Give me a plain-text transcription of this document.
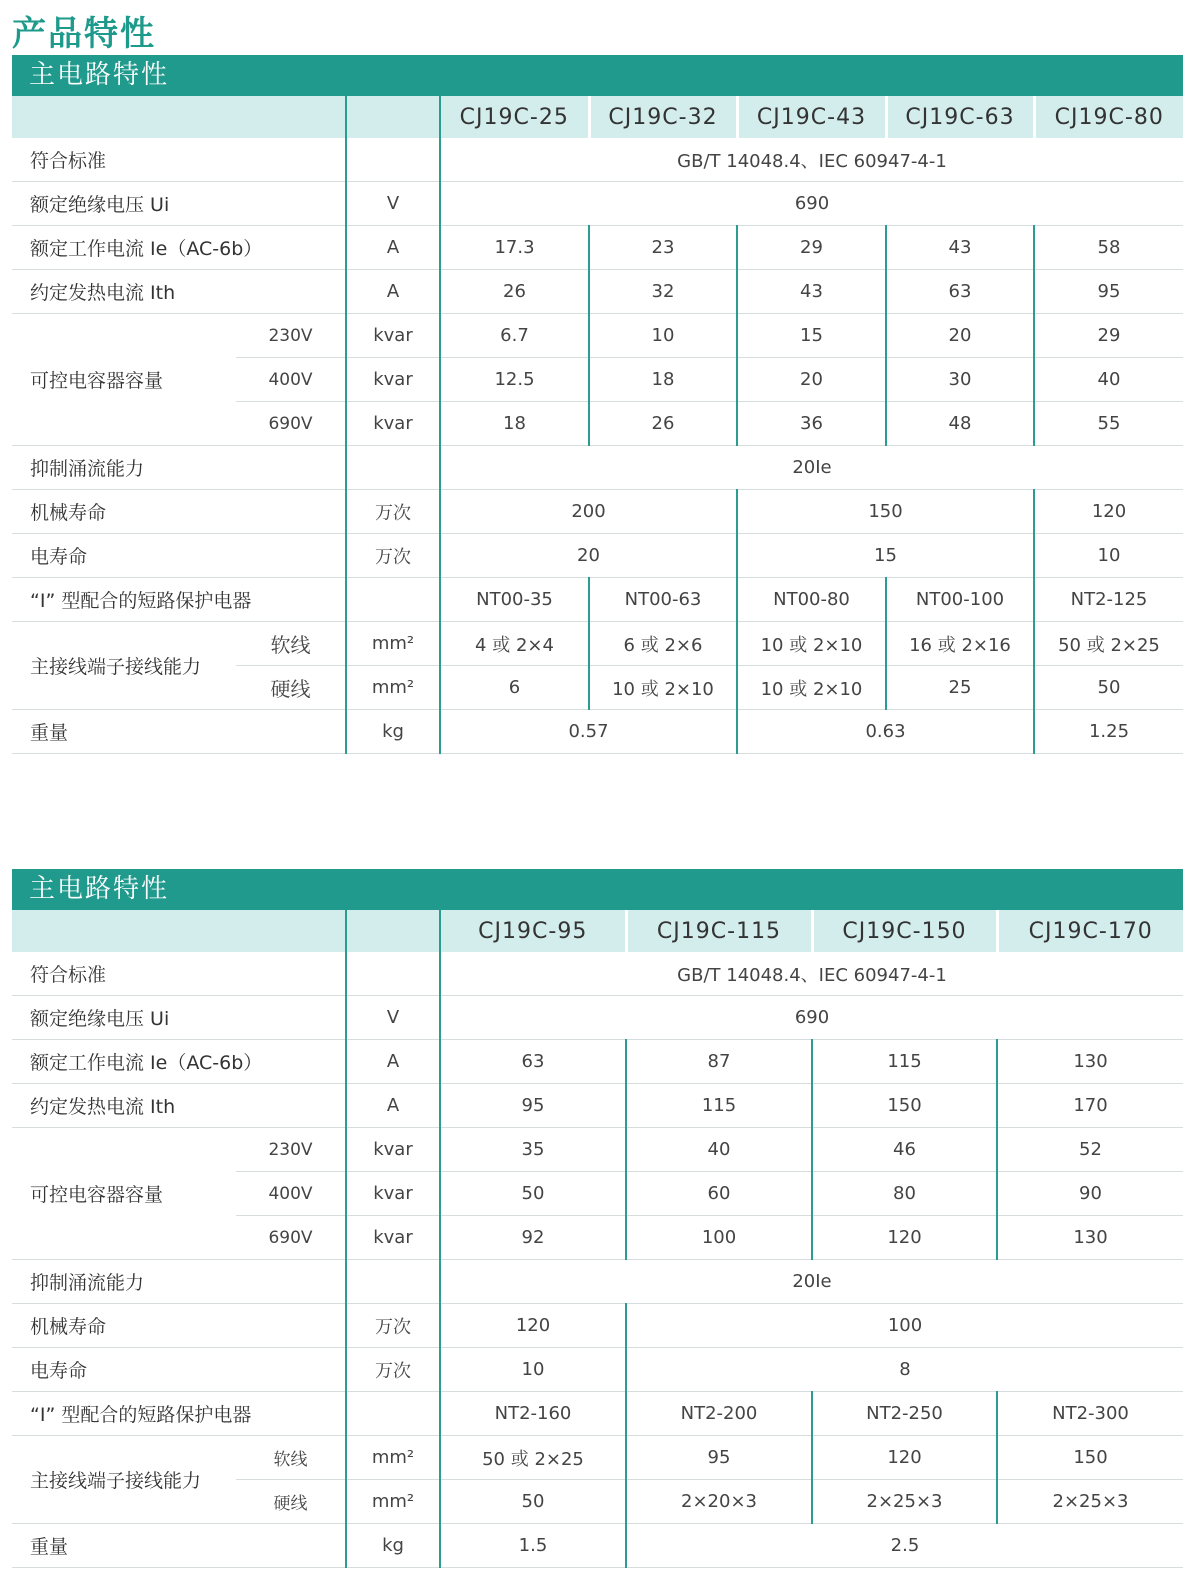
产品特性
主电路特性
			CJ19C-25	CJ19C-32	CJ19C-43	CJ19C-63	CJ19C-80
符合标准			GB/T 14048.4、IEC 60947-4-1				
额定绝缘电压 Ui		V	690				
额定工作电流 Ie（AC-6b）		A	17.3	23	29	43	58
约定发热电流 Ith		A	26	32	43	63	95
可控电容器容量	230V	kvar	6.7	10	15	20	29
	400V	kvar	12.5	18	20	30	40
	690V	kvar	18	26	36	48	55
抑制涌流能力			20Ie				
机械寿命		万次	200		150		120
电寿命		万次	20		15		10
“I” 型配合的短路保护电器			NT00-35	NT00-63	NT00-80	NT00-100	NT2-125
主接线端子接线能力	软线	mm²	4 或 2×4	6 或 2×6	10 或 2×10	16 或 2×16	50 或 2×25
	硬线	mm²	6	10 或 2×10	10 或 2×10	25	50
重量		kg	0.57		0.63		1.25
主电路特性
			CJ19C-95	CJ19C-115	CJ19C-150	CJ19C-170
符合标准			GB/T 14048.4、IEC 60947-4-1			
额定绝缘电压 Ui		V	690			
额定工作电流 Ie（AC-6b）		A	63	87	115	130
约定发热电流 Ith		A	95	115	150	170
可控电容器容量	230V	kvar	35	40	46	52
	400V	kvar	50	60	80	90
	690V	kvar	92	100	120	130
抑制涌流能力			20Ie			
机械寿命		万次	120	100		
电寿命		万次	10	8		
“I” 型配合的短路保护电器			NT2-160	NT2-200	NT2-250	NT2-300
主接线端子接线能力	软线	mm²	50 或 2×25	95	120	150
	硬线	mm²	50	2×20×3	2×25×3	2×25×3
重量		kg	1.5	2.5		
